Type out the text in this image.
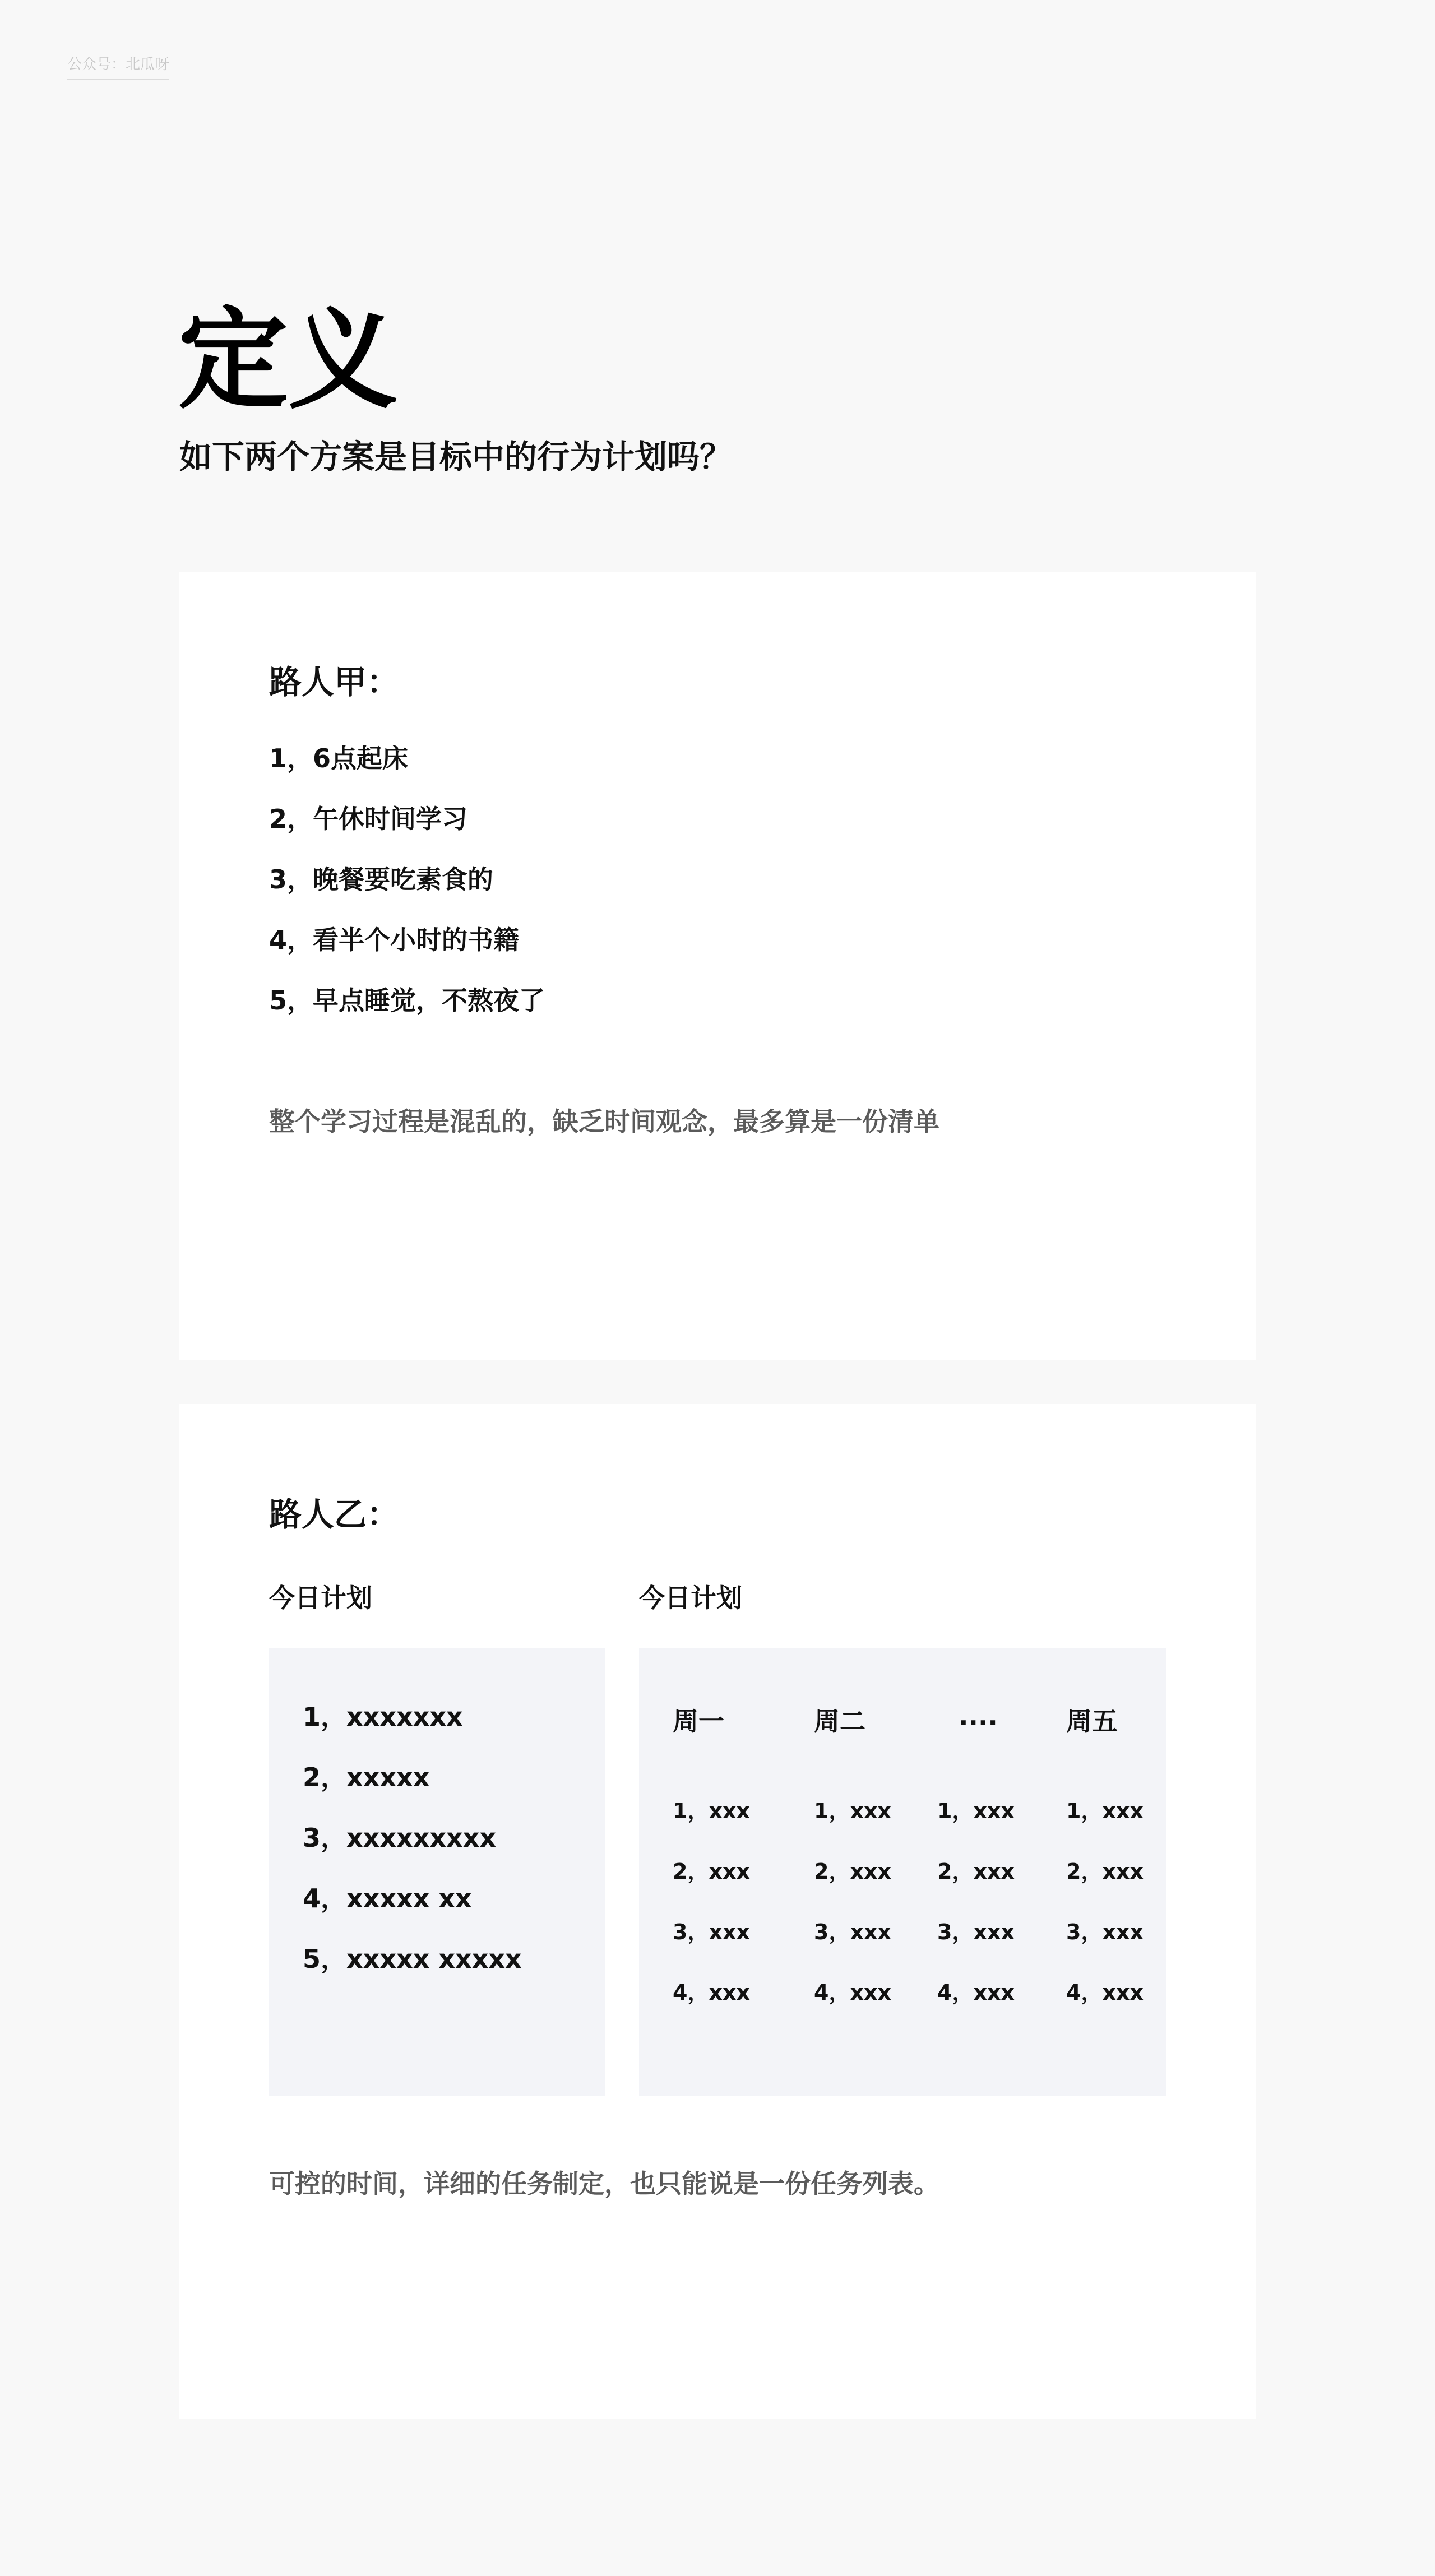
公众号：北瓜呀
定义
如下两个方案是目标中的行为计划吗？
路人甲：
1，6点起床
2，午休时间学习
3，晚餐要吃素食的
4，看半个小时的书籍
5，早点睡觉，不熬夜了
整个学习过程是混乱的，缺乏时间观念，最多算是一份清单
路人乙：
今日计划	今日计划
1，xxxxxxx
2，xxxxx
3，xxxxxxxxx
4，xxxxx xx
5，xxxxx xxxxx
周一
1，xxx
2，xxx
3，xxx
4，xxx
周二
1，xxx
2，xxx
3，xxx
4，xxx
....
1，xxx
2，xxx
3，xxx
4，xxx
周五
1，xxx
2，xxx
3，xxx
4，xxx
可控的时间，详细的任务制定，也只能说是一份任务列表。
